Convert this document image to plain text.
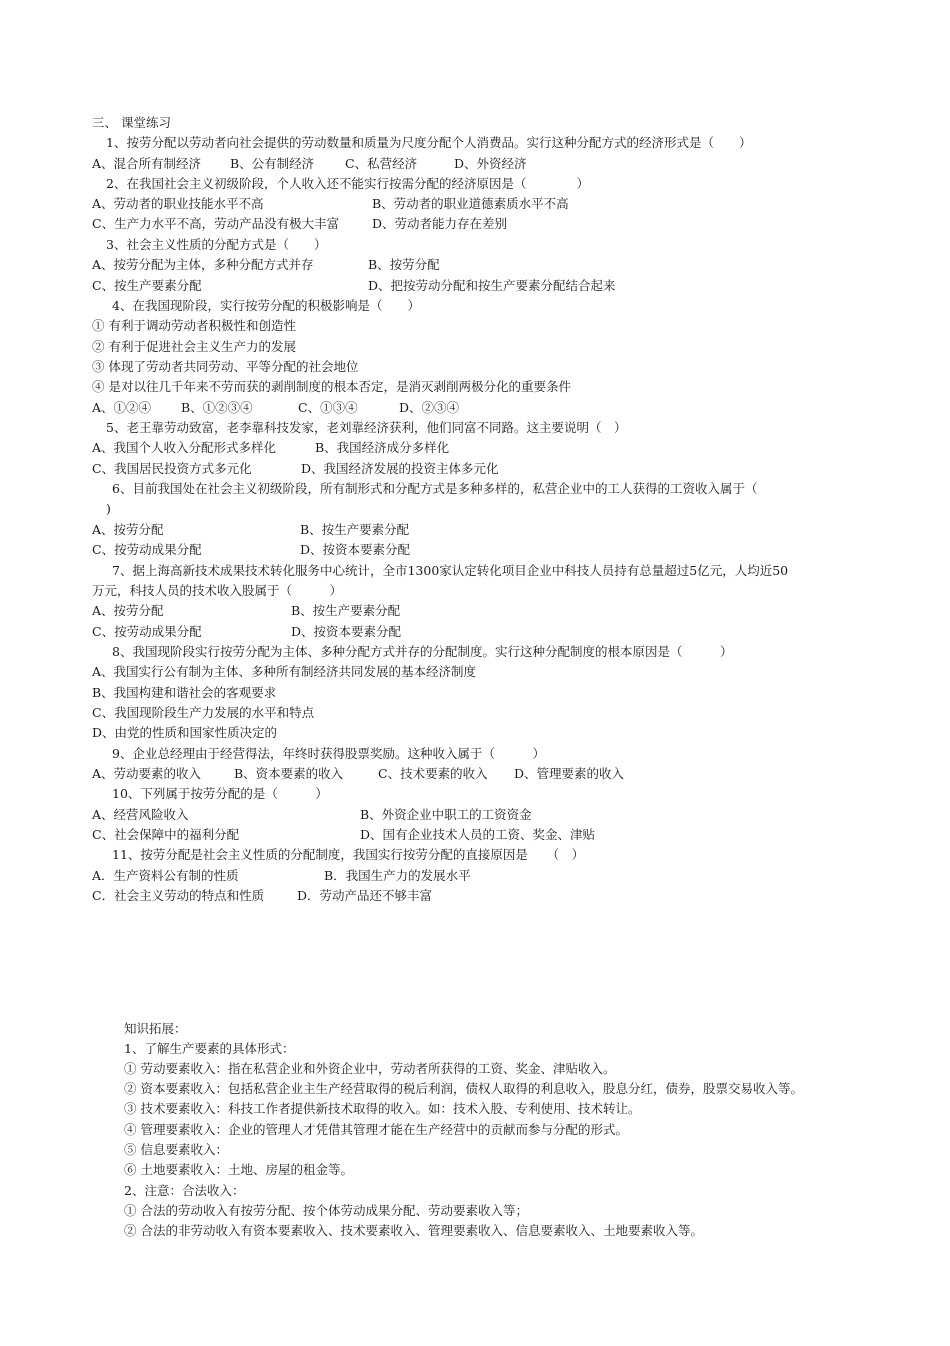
三、 课堂练习
1、按劳分配以劳动者向社会提供的劳动数量和质量为尺度分配个人消费品。实行这种分配方式的经济形式是（　　）
A、混合所有制经济 B、公有制经济 C、私营经济	D、外资经济
2、在我国社会主义初级阶段，个人收入还不能实行按需分配的经济原因是（　　　　）
A、劳动者的职业技能水平不高	B、劳动者的职业道德素质水平不高
C、生产力水平不高，劳动产品没有极大丰富	D、劳动者能力存在差别
3、社会主义性质的分配方式是（　　）
A、按劳分配为主体，多种分配方式并存	B、按劳分配
C、按生产要素分配	D、把按劳动分配和按生产要素分配结合起来
4、在我国现阶段，实行按劳分配的积极影响是（　　）
① 有利于调动劳动者积极性和创造性
② 有利于促进社会主义生产力的发展
③ 体现了劳动者共同劳动、平等分配的社会地位
④ 是对以往几千年来不劳而获的剥削制度的根本否定，是消灭剥削两极分化的重要条件
A、①②④ B、①②③④	C、①③④	D、②③④
5、老王靠劳动致富，老李靠科技发家，老刘靠经济获利，他们同富不同路。这主要说明（　）
A、我国个人收入分配形式多样化	B、我国经济成分多样化
C、我国居民投资方式多元化	D、我国经济发展的投资主体多元化
6、目前我国处在社会主义初级阶段，所有制形式和分配方式是多种多样的，私营企业中的工人获得的工资收入属于（
)
A、按劳分配	B、按生产要素分配
C、按劳动成果分配	D、按资本要素分配
7、据上海高新技术成果技术转化服务中心统计，全市1300家认定转化项目企业中科技人员持有总量超过5亿元，人均近50
万元，科技人员的技术收入股属于（　　　）
A、按劳分配	B、按生产要素分配
C、按劳动成果分配	D、按资本要素分配
8、我国现阶段实行按劳分配为主体、多种分配方式并存的分配制度。实行这种分配制度的根本原因是（　　　）
A、我国实行公有制为主体、多种所有制经济共同发展的基本经济制度
B、我国构建和谐社会的客观要求
C、我国现阶段生产力发展的水平和特点
D、由党的性质和国家性质决定的
9、企业总经理由于经营得法，年终时获得股票奖励。这种收入属于（　　　）
A、劳动要素的收入	B、资本要素的收入	C、技术要素的收入 D、管理要素的收入
10、下列属于按劳分配的是（　　　）
A、经营风险收入	B、外资企业中职工的工资资金
C、社会保障中的福利分配	D、国有企业技术人员的工资、奖金、津贴
11、按劳分配是社会主义性质的分配制度，我国实行按劳分配的直接原因是　　（　）
A．生产资料公有制的性质	B．我国生产力的发展水平
C．社会主义劳动的特点和性质	D．劳动产品还不够丰富
知识拓展：
1、了解生产要素的具体形式：
① 劳动要素收入：指在私营企业和外资企业中，劳动者所获得的工资、奖金、津贴收入。
② 资本要素收入：包括私营企业主生产经营取得的税后利润，债权人取得的利息收入，股息分红，债券，股票交易收入等。
③ 技术要素收入：科技工作者提供新技术取得的收入。如：技术入股、专利使用、技术转让。
④ 管理要素收入：企业的管理人才凭借其管理才能在生产经营中的贡献而参与分配的形式。
⑤ 信息要素收入：
⑥ 土地要素收入：土地、房屋的租金等。
2、注意：合法收入：
① 合法的劳动收入有按劳分配、按个体劳动成果分配、劳动要素收入等；
② 合法的非劳动收入有资本要素收入、技术要素收入、管理要素收入、信息要素收入、土地要素收入等。
